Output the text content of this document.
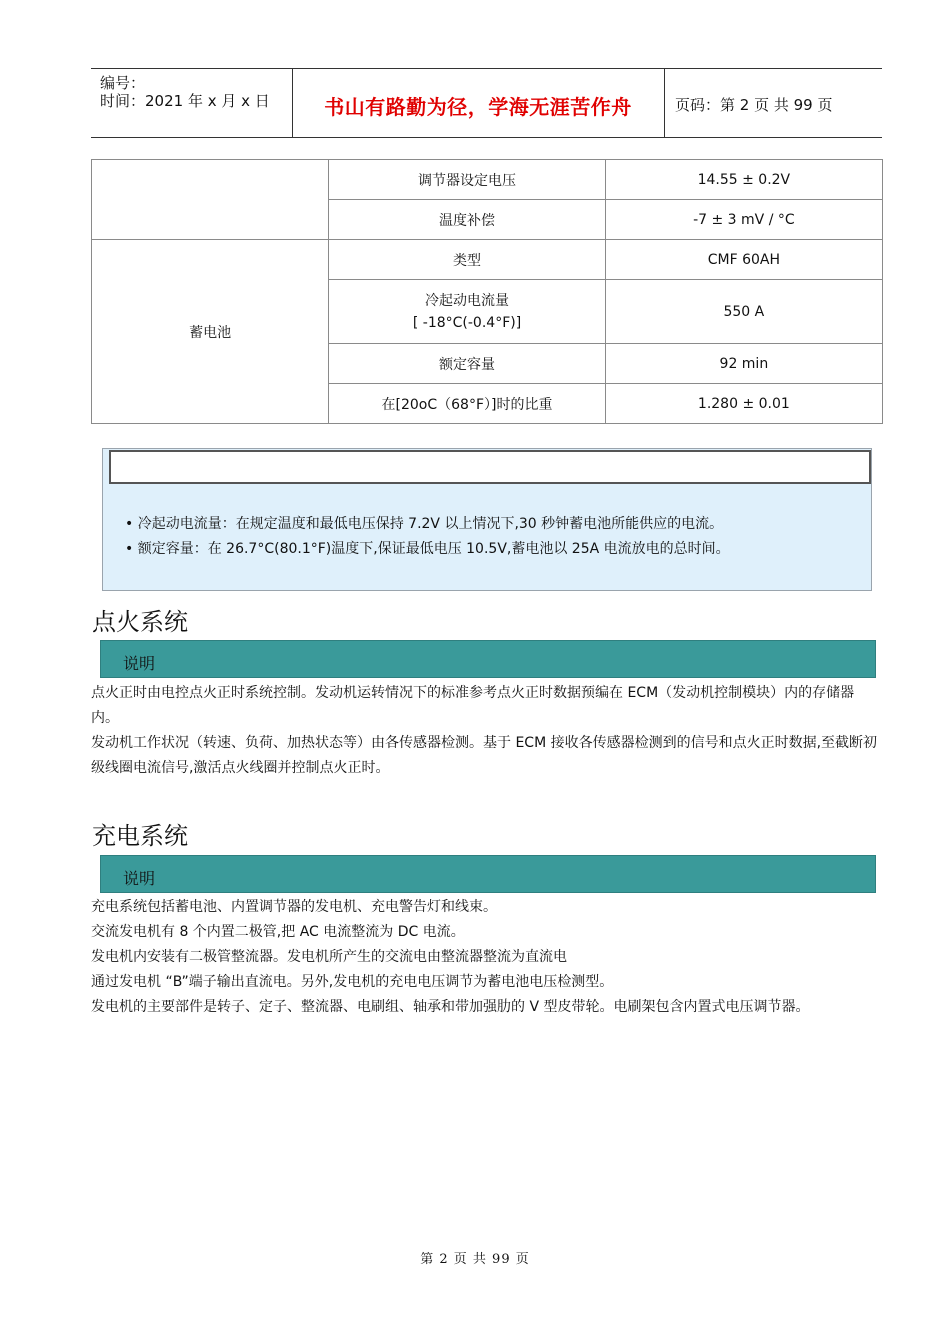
编号：
时间：2021 年 x 月 x 日	书山有路勤为径，学海无涯苦作舟	页码：第 2 页 共 99 页
	调节器设定电压	14.55 ± 0.2V
	温度补偿	-7 ± 3 mV / °C
蓄电池	类型	CMF 60AH

	冷起动电流量
[ -18°C(-0.4°F)]	550 A
	额定容量	92 min
	在[20oC（68°F）]时的比重	1.280 ± 0.01
• 冷起动电流量：在规定温度和最低电压保持 7.2V 以上情况下,30 秒钟蓄电池所能供应的电流。
• 额定容量：在 26.7°C(80.1°F)温度下,保证最低电压 10.5V,蓄电池以 25A 电流放电的总时间。
点火系统
说明

点火正时由电控点火正时系统控制。发动机运转情况下的标准参考点火正时数据预编在 ECM（发动机控制模块）内的存储器内。

发动机工作状况（转速、负荷、加热状态等）由各传感器检测。基于 ECM 接收各传感器检测到的信号和点火正时数据,至截断初级线圈电流信号,激活点火线圈并控制点火正时。

充电系统
说明

充电系统包括蓄电池、内置调节器的发电机、充电警告灯和线束。

交流发电机有 8 个内置二极管,把 AC 电流整流为 DC 电流。

发电机内安装有二极管整流器。发电机所产生的交流电由整流器整流为直流电

通过发电机 “B”端子输出直流电。另外,发电机的充电电压调节为蓄电池电压检测型。

发电机的主要部件是转子、定子、整流器、电刷组、轴承和带加强肋的 V 型皮带轮。电刷架包含内置式电压调节器。

第 2 页 共 99 页
